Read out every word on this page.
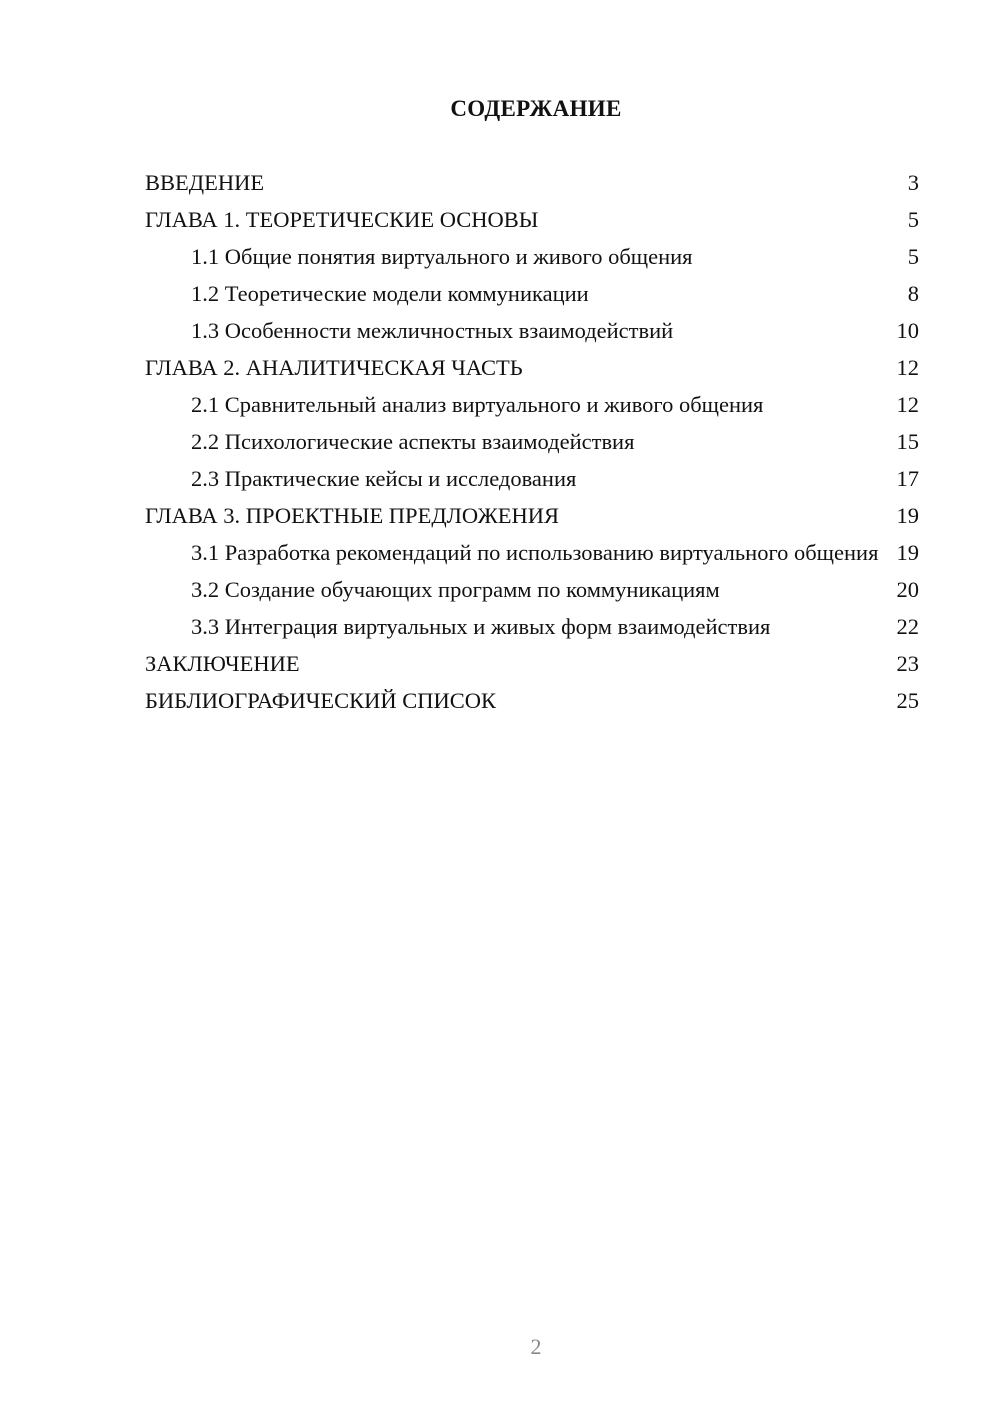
СОДЕРЖАНИЕ
ВВЕДЕНИЕ	3
ГЛАВА 1. ТЕОРЕТИЧЕСКИЕ ОСНОВЫ	5
1.1 Общие понятия виртуального и живого общения	5
1.2 Теоретические модели коммуникации	8
1.3 Особенности межличностных взаимодействий	10
ГЛАВА 2. АНАЛИТИЧЕСКАЯ ЧАСТЬ	12
2.1 Сравнительный анализ виртуального и живого общения	12
2.2 Психологические аспекты взаимодействия	15
2.3 Практические кейсы и исследования	17
ГЛАВА 3. ПРОЕКТНЫЕ ПРЕДЛОЖЕНИЯ	19
3.1 Разработка рекомендаций по использованию виртуального общения 19
3.2 Создание обучающих программ по коммуникациям	20
3.3 Интеграция виртуальных и живых форм взаимодействия	22
ЗАКЛЮЧЕНИЕ	23
БИБЛИОГРАФИЧЕСКИЙ СПИСОК	25
2
